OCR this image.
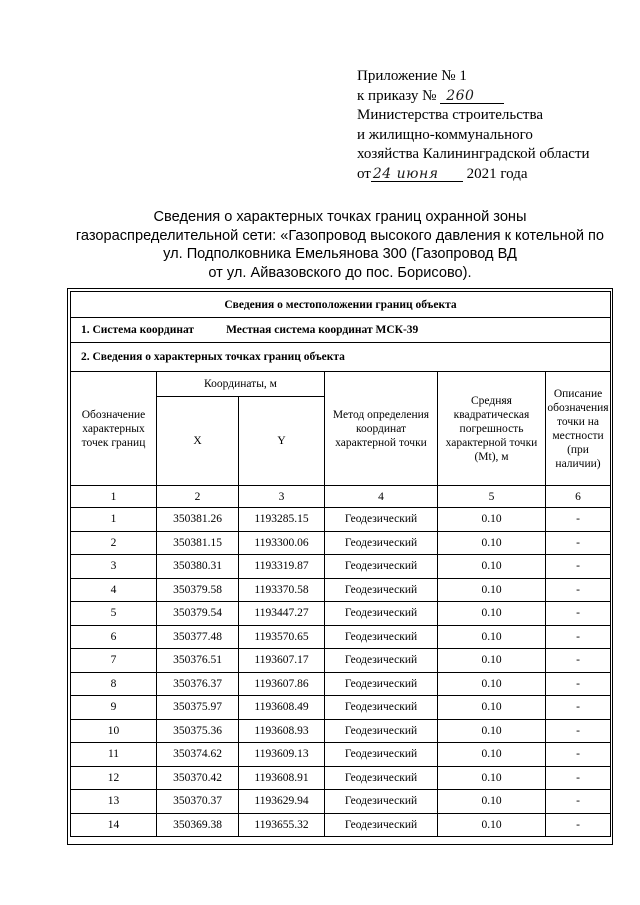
Приложение № 1
к приказу № 260
Министерства строительства
и жилищно-коммунального
хозяйства Калининградской области
от 24 июня 2021 года
Сведения о характерных точках границ охранной зоны
газораспределительной сети: «Газопровод высокого давления к котельной по
ул. Подполковника Емельянова 300 (Газопровод ВД
от ул. Айвазовского до пос. Борисово).
Сведения о местоположении границ объекта					
1. Система координат Местная система координат МСК-39					
2. Сведения о характерных точках границ объекта					
Обозначение характерных точек границ	Координаты, м		Метод определения координат характерной точки	Средняя квадратическая погрешность характерной точки (Mt), м	Описание обозначения точки на местности (при наличии)
	X	Y			
1	2	3	4	5	6
1	350381.26	1193285.15	Геодезический	0.10	-
2	350381.15	1193300.06	Геодезический	0.10	-
3	350380.31	1193319.87	Геодезический	0.10	-
4	350379.58	1193370.58	Геодезический	0.10	-
5	350379.54	1193447.27	Геодезический	0.10	-
6	350377.48	1193570.65	Геодезический	0.10	-
7	350376.51	1193607.17	Геодезический	0.10	-
8	350376.37	1193607.86	Геодезический	0.10	-
9	350375.97	1193608.49	Геодезический	0.10	-
10	350375.36	1193608.93	Геодезический	0.10	-
11	350374.62	1193609.13	Геодезический	0.10	-
12	350370.42	1193608.91	Геодезический	0.10	-
13	350370.37	1193629.94	Геодезический	0.10	-
14	350369.38	1193655.32	Геодезический	0.10	-
